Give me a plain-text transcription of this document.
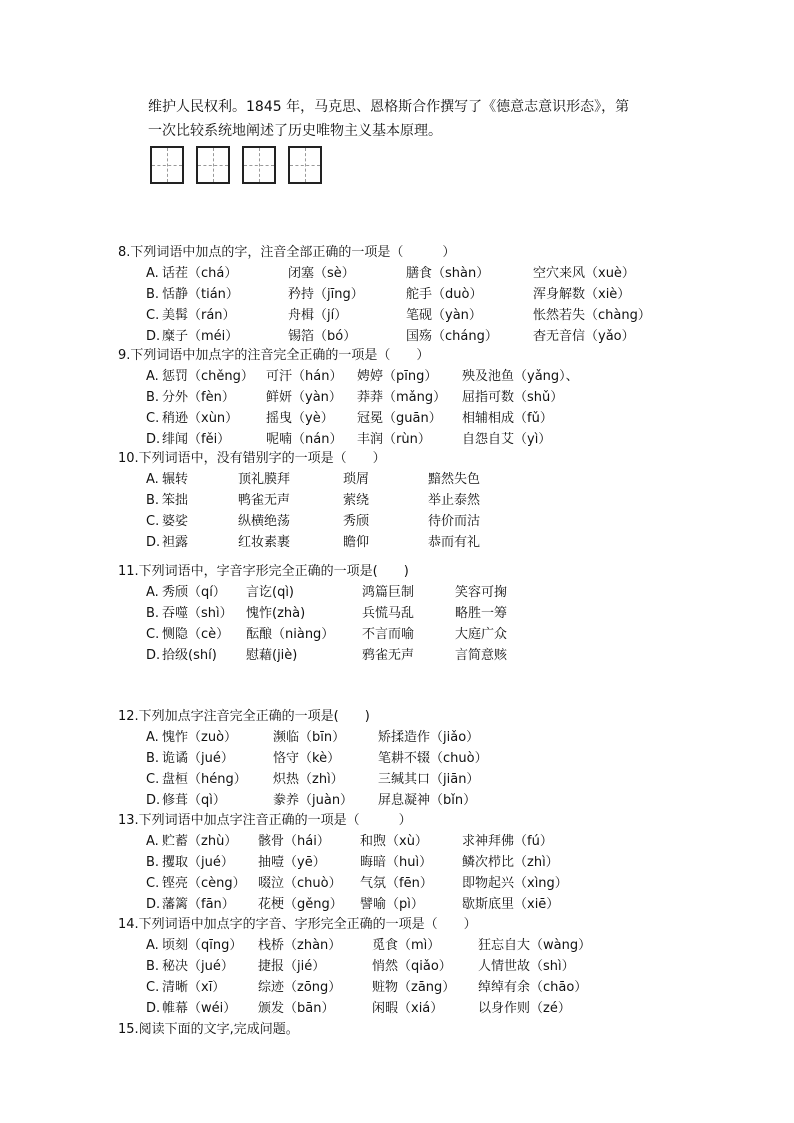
维护人民权利。1845 年，马克思、恩格斯合作撰写了《德意志意识形态》，第
一次比较系统地阐述了历史唯物主义基本原理。
8.下列词语中加点的字，注音全部正确的一项是（　　　）
A. 话茬（chá）	闭塞（sè）	膳食（shàn）	空穴来风（xuè）
B. 恬静（tián）	矜持（jīng）	舵手（duò）	浑身解数（xiè）
C. 美髯（rán）	舟楫（jí）	笔砚（yàn）	怅然若失（chàng）
D. 糜子（méi）	锡箔（bó）	国殇（cháng）	杳无音信（yǎo）
9.下列词语中加点字的注音完全正确的一项是（　　）
A. 惩罚（chěng） 可汗（hán） 娉婷（pīng） 殃及池鱼（yǎng）、
B. 分外（fèn） 鲜妍（yàn） 莽莽（mǎng） 屈指可数（shǔ）
C. 稍逊（xùn） 摇曳（yè） 冠冕（guān） 相辅相成（fǔ）
D. 绯闻（fěi）	呢喃（nán） 丰润（rùn） 自怨自艾（yì）
10.下列词语中，没有错别字的一项是（　　）
A. 辗转	顶礼膜拜	琐屑	黯然失色
B. 笨拙	鸭雀无声	萦绕	举止泰然
C. 婆娑	纵横绝荡	秀颀	待价而沽
D. 袒露	红妆素裹	瞻仰	恭而有礼
11.下列词语中，字音字形完全正确的一项是(　　)
A. 秀颀（qí） 言讫(qì)	鸿篇巨制	笑容可掬
B. 吞噬（shì） 愧怍(zhà)	兵慌马乱	略胜一筹
C. 恻隐（cè） 酝酿（niàng） 不言而喻	大庭广众
D. 拾级(shí) 慰藉(jiè)	鸦雀无声	言简意赅
12.下列加点字注音完全正确的一项是(　　)
A. 愧怍（zuò）	濒临（bīn）	矫揉造作（jiǎo）
B. 诡谲（jué）	恪守（kè）	笔耕不辍（chuò）
C. 盘桓（héng） 炽热（zhì）	三缄其口（jiān）
D. 修葺（qì）	豢养（juàn） 屏息凝神（bǐn）
13.下列词语中加点字注音正确的一项是（　　　）
A. 贮蓄（zhù） 骸骨（hái） 和煦（xù）	求神拜佛（fú）
B. 攫取（jué） 抽噎（yē）	晦暗（huì） 鳞次栉比（zhì）
C. 铿亮（cèng） 啜泣（chuò） 气氛（fēn） 即物起兴（xìng）
D. 藩篱（fān） 花梗（gěng） 譬喻（pì）	歇斯底里（xiē）
14.下列词语中加点字的字音、字形完全正确的一项是（　　）
A. 顷刻（qīng） 栈桥（zhàn） 觅食（mì）	狂忘自大（wàng）
B. 秘决（jué） 捷报（jié）	悄然（qiǎo） 人情世故（shì）
C. 清晰（xī）	综迹（zōng） 赃物（zāng） 绰绰有余（chāo）
D. 帷幕（wéi） 颁发（bān）	闲暇（xiá）	以身作则（zé）
15.阅读下面的文字,完成问题。
